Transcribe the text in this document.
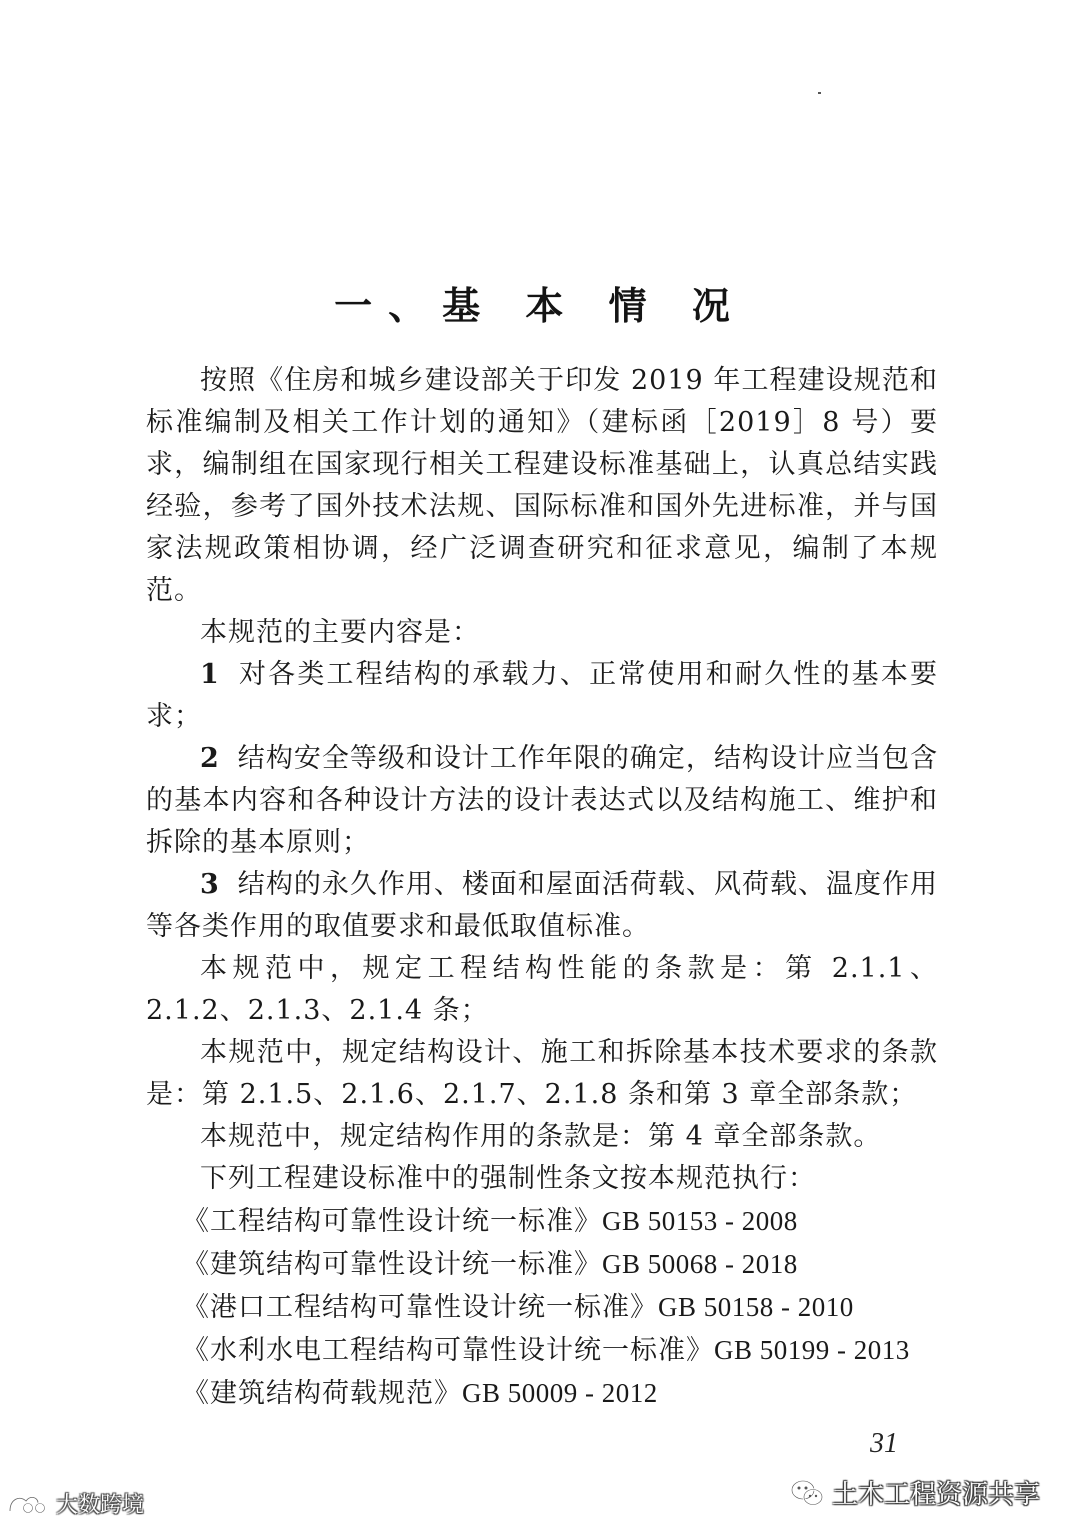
一、基 本 情 况

按照《住房和城乡建设部关于印发 2019 年工程建设规范和标准编制及相关工作计划的通知》（建标函［2019］8 号）要求，编制组在国家现行相关工程建设标准基础上，认真总结实践经验，参考了国外技术法规、国际标准和国外先进标准，并与国家法规政策相协调，经广泛调查研究和征求意见，编制了本规范。

本规范的主要内容是：

1 对各类工程结构的承载力、正常使用和耐久性的基本要求；

2 结构安全等级和设计工作年限的确定，结构设计应当包含的基本内容和各种设计方法的设计表达式以及结构施工、维护和拆除的基本原则；

3 结构的永久作用、楼面和屋面活荷载、风荷载、温度作用等各类作用的取值要求和最低取值标准。

本规范中，规定工程结构性能的条款是：第 2.1.1、2.1.2、2.1.3、2.1.4 条；

本规范中，规定结构设计、施工和拆除基本技术要求的条款是：第 2.1.5、2.1.6、2.1.7、2.1.8 条和第 3 章全部条款；

本规范中，规定结构作用的条款是：第 4 章全部条款。

下列工程建设标准中的强制性条文按本规范执行：

《工程结构可靠性设计统一标准》GB 50153 - 2008
《建筑结构可靠性设计统一标准》GB 50068 - 2018
《港口工程结构可靠性设计统一标准》GB 50158 - 2010
《水利水电工程结构可靠性设计统一标准》GB 50199 - 2013
《建筑结构荷载规范》GB 50009 - 2012
31
土木工程资源共享
大数跨境
